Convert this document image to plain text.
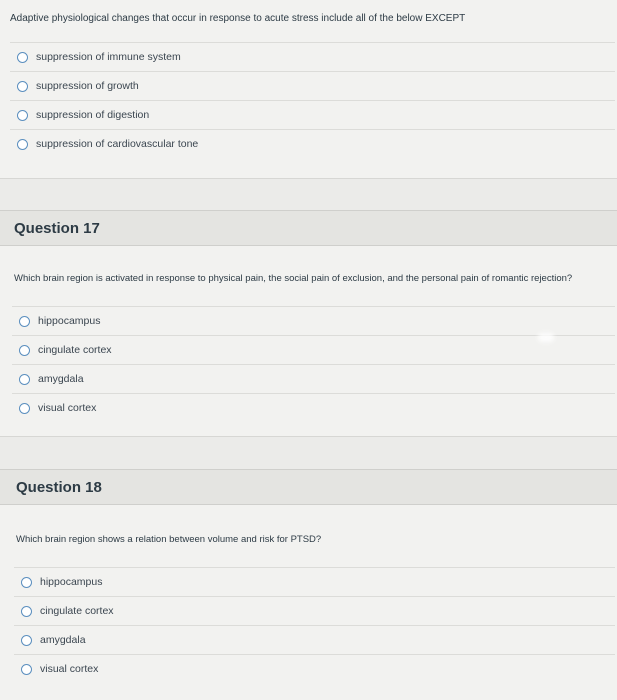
Adaptive physiological changes that occur in response to acute stress include all of the below EXCEPT
suppression of immune system
suppression of growth
suppression of digestion
suppression of cardiovascular tone
Question 17
Which brain region is activated in response to physical pain, the social pain of exclusion, and the personal pain of romantic rejection?
hippocampus
cingulate cortex
amygdala
visual cortex
Question 18
Which brain region shows a relation between volume and risk for PTSD?
hippocampus
cingulate cortex
amygdala
visual cortex
